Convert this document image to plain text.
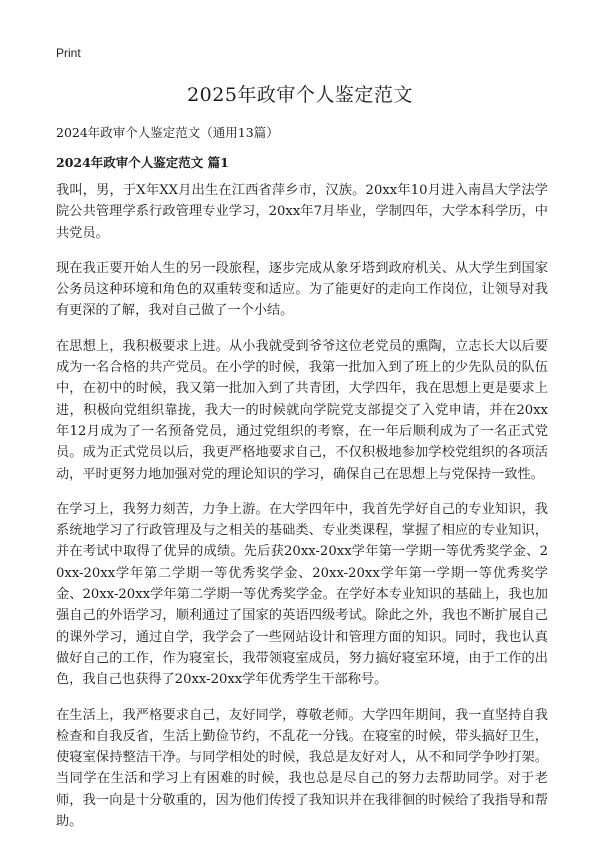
Print
2025年政审个人鉴定范文

2024年政审个人鉴定范文（通用13篇）

2024年政审个人鉴定范文 篇1

我叫，男，于X年XX月出生在江西省萍乡市，汉族。20xx年10月进入南昌大学法学院公共管理学系行政管理专业学习，20xx年7月毕业，学制四年，大学本科学历，中共党员。

现在我正要开始人生的另一段旅程，逐步完成从象牙塔到政府机关、从大学生到国家公务员这种环境和角色的双重转变和适应。为了能更好的走向工作岗位，让领导对我有更深的了解，我对自己做了一个小结。

在思想上，我积极要求上进。从小我就受到爷爷这位老党员的熏陶，立志长大以后要成为一名合格的共产党员。在小学的时候，我第一批加入到了班上的少先队员的队伍中，在初中的时候，我又第一批加入到了共青团，大学四年，我在思想上更是要求上进，积极向党组织靠拢，我大一的时候就向学院党支部提交了入党申请，并在20xx年12月成为了一名预备党员，通过党组织的考察，在一年后顺利成为了一名正式党员。成为正式党员以后，我更严格地要求自己，不仅积极地参加学校党组织的各项活动，平时更努力地加强对党的理论知识的学习，确保自己在思想上与党保持一致性。

在学习上，我努力刻苦，力争上游。在大学四年中，我首先学好自己的专业知识，我系统地学习了行政管理及与之相关的基础类、专业类课程，掌握了相应的专业知识，并在考试中取得了优异的成绩。先后获20xx-20xx学年第一学期一等优秀奖学金、20xx-20xx学年第二学期一等优秀奖学金、20xx-20xx学年第一学期一等优秀奖学金、20xx-20xx学年第二学期一等优秀奖学金。在学好本专业知识的基础上，我也加强自己的外语学习，顺利通过了国家的英语四级考试。除此之外，我也不断扩展自己的课外学习，通过自学，我学会了一些网站设计和管理方面的知识。同时，我也认真做好自己的工作，作为寝室长，我带领寝室成员，努力搞好寝室环境，由于工作的出色，我自己也获得了20xx-20xx学年优秀学生干部称号。

在生活上，我严格要求自己，友好同学，尊敬老师。大学四年期间，我一直坚持自我检查和自我反省，生活上勤俭节约，不乱花一分钱。在寝室的时候，带头搞好卫生，使寝室保持整洁干净。与同学相处的时候，我总是友好对人，从不和同学争吵打架。当同学在生活和学习上有困难的时候，我也总是尽自己的努力去帮助同学。对于老师，我一向是十分敬重的，因为他们传授了我知识并在我徘徊的时候给了我指导和帮助。
